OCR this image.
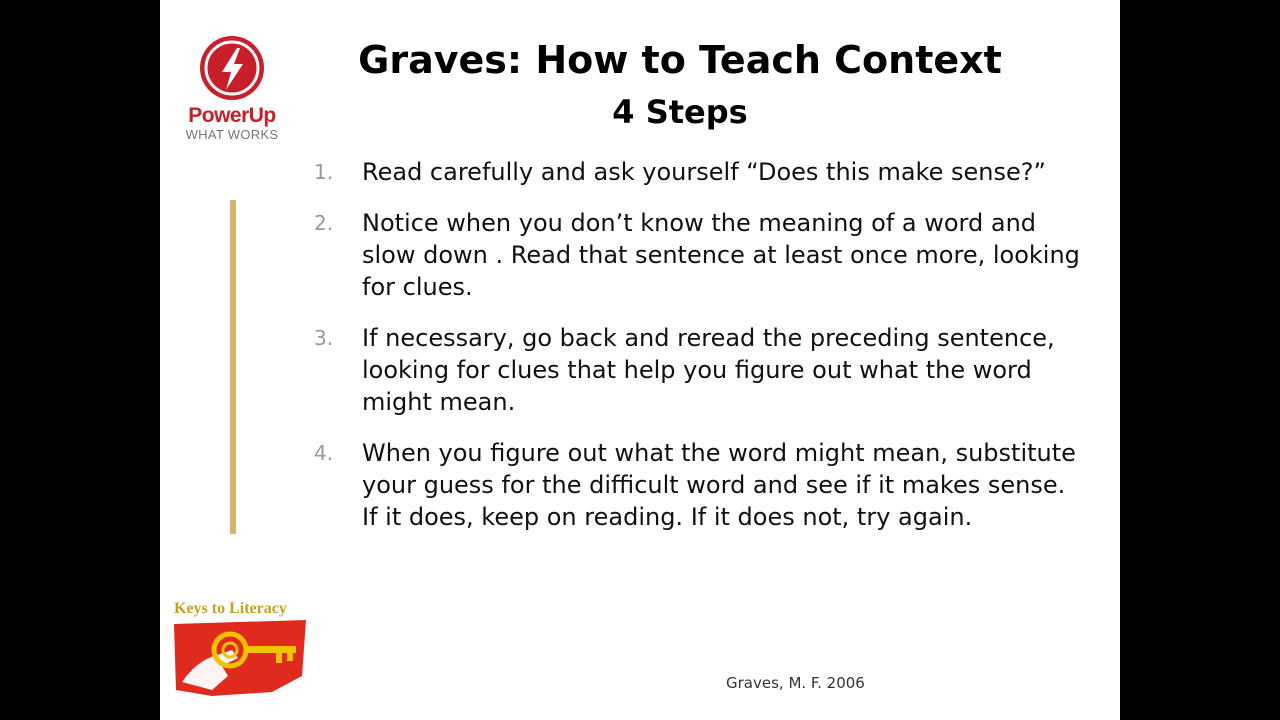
PowerUp
WHAT WORKS
Graves: How to Teach Context
4 Steps
1. Read carefully and ask yourself “Does this make sense?”
2. Notice when you don’t know the meaning of a word and slow down . Read that sentence at least once more, looking for clues.
3. If necessary, go back and reread the preceding sentence, looking for clues that help you figure out what the word might mean.
4. When you figure out what the word might mean, substitute your guess for the difficult word and see if it makes sense. If it does, keep on reading. If it does not, try again.
Graves, M. F. 2006
Keys to Literacy
